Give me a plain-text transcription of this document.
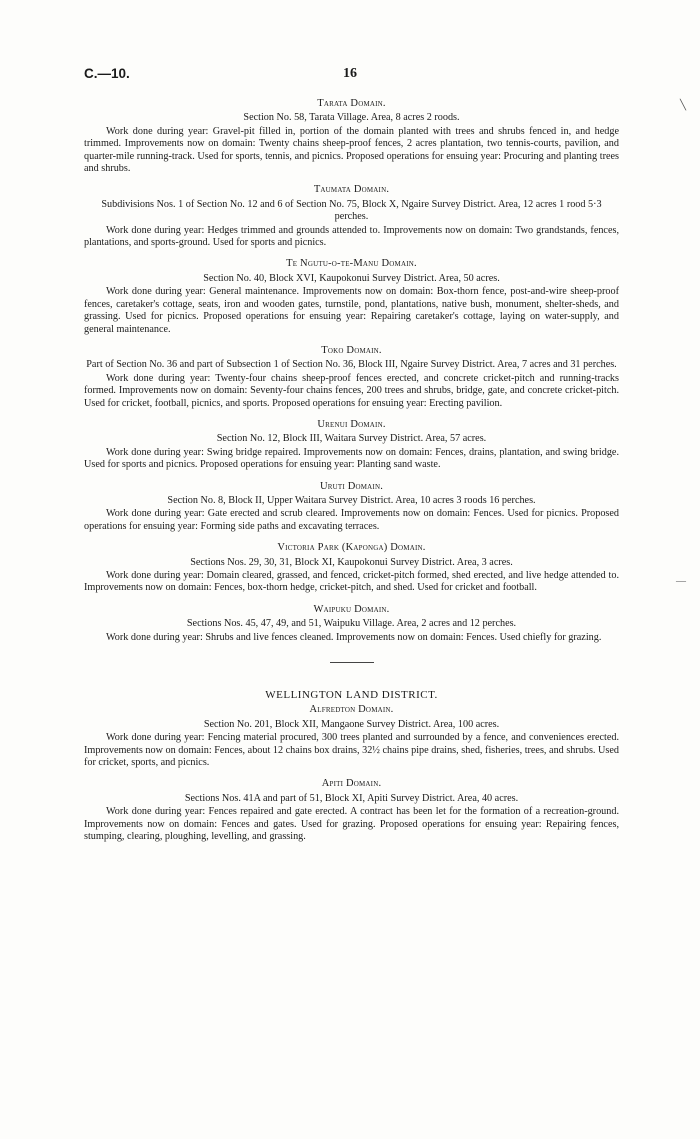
C.—10.	16
Tarata Domain.
Section No. 58, Tarata Village. Area, 8 acres 2 roods.
Work done during year: Gravel-pit filled in, portion of the domain planted with trees and shrubs fenced in, and hedge trimmed. Improvements now on domain: Twenty chains sheep-proof fences, 2 acres plantation, two tennis-courts, pavilion, and quarter-mile running-track. Used for sports, tennis, and picnics. Proposed operations for ensuing year: Procuring and planting trees and shrubs.
Taumata Domain.
Subdivisions Nos. 1 of Section No. 12 and 6 of Section No. 75, Block X, Ngaire Survey District. Area, 12 acres 1 rood 5·3 perches.
Work done during year: Hedges trimmed and grounds attended to. Improvements now on domain: Two grandstands, fences, plantations, and sports-ground. Used for sports and picnics.
Te Ngutu-o-te-Manu Domain.
Section No. 40, Block XVI, Kaupokonui Survey District. Area, 50 acres.
Work done during year: General maintenance. Improvements now on domain: Box-thorn fence, post-and-wire sheep-proof fences, caretaker's cottage, seats, iron and wooden gates, turnstile, pond, plantations, native bush, monument, shelter-sheds, and grassing. Used for picnics. Proposed operations for ensuing year: Repairing caretaker's cottage, laying on water-supply, and general maintenance.
Toko Domain.
Part of Section No. 36 and part of Subsection 1 of Section No. 36, Block III, Ngaire Survey District. Area, 7 acres and 31 perches.
Work done during year: Twenty-four chains sheep-proof fences erected, and concrete cricket-pitch and running-tracks formed. Improvements now on domain: Seventy-four chains fences, 200 trees and shrubs, bridge, gate, and concrete cricket-pitch. Used for cricket, football, picnics, and sports. Proposed operations for ensuing year: Erecting pavilion.
Urenui Domain.
Section No. 12, Block III, Waitara Survey District. Area, 57 acres.
Work done during year: Swing bridge repaired. Improvements now on domain: Fences, drains, plantation, and swing bridge. Used for sports and picnics. Proposed operations for ensuing year: Planting sand waste.
Uruti Domain.
Section No. 8, Block II, Upper Waitara Survey District. Area, 10 acres 3 roods 16 perches.
Work done during year: Gate erected and scrub cleared. Improvements now on domain: Fences. Used for picnics. Proposed operations for ensuing year: Forming side paths and excavating terraces.
Victoria Park (Kaponga) Domain.
Sections Nos. 29, 30, 31, Block XI, Kaupokonui Survey District. Area, 3 acres.
Work done during year: Domain cleared, grassed, and fenced, cricket-pitch formed, shed erected, and live hedge attended to. Improvements now on domain: Fences, box-thorn hedge, cricket-pitch, and shed. Used for cricket and football.
Waipuku Domain.
Sections Nos. 45, 47, 49, and 51, Waipuku Village. Area, 2 acres and 12 perches.
Work done during year: Shrubs and live fences cleaned. Improvements now on domain: Fences. Used chiefly for grazing.
WELLINGTON LAND DISTRICT.
Alfredton Domain.
Section No. 201, Block XII, Mangaone Survey District. Area, 100 acres.
Work done during year: Fencing material procured, 300 trees planted and surrounded by a fence, and conveniences erected. Improvements now on domain: Fences, about 12 chains box drains, 32½ chains pipe drains, shed, fisheries, trees, and shrubs. Used for cricket, sports, and picnics.
Apiti Domain.
Sections Nos. 41A and part of 51, Block XI, Apiti Survey District. Area, 40 acres.
Work done during year: Fences repaired and gate erected. A contract has been let for the formation of a recreation-ground. Improvements now on domain: Fences and gates. Used for grazing. Proposed operations for ensuing year: Repairing fences, stumping, clearing, ploughing, levelling, and grassing.
╲
—
